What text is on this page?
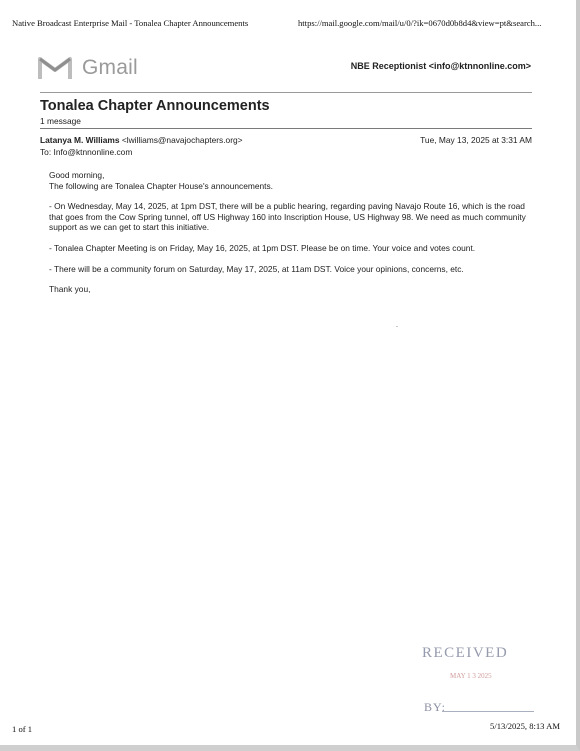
Native Broadcast Enterprise Mail - Tonalea Chapter Announcements	https://mail.google.com/mail/u/0/?ik=0670d0b8d4&view=pt&search...
Gmail	NBE Receptionist <info@ktnnonline.com>
Tonalea Chapter Announcements
1 message
Latanya M. Williams <lwilliams@navajochapters.org>	Tue, May 13, 2025 at 3:31 AM
To: Info@ktnnonline.com

Good morning,

The following are Tonalea Chapter House's announcements.

- On Wednesday, May 14, 2025, at 1pm DST, there will be a public hearing, regarding paving Navajo Route 16, which is the road that goes from the Cow Spring tunnel, off US Highway 160 into Inscription House, US Highway 98. We need as much community support as we can get to start this initiative.

- Tonalea Chapter Meeting is on Friday, May 16, 2025, at 1pm DST. Please be on time. Your voice and votes count.

- There will be a community forum on Saturday, May 17, 2025, at 11am DST. Voice your opinions, concerns, etc.

Thank you,

RECEIVED
MAY 1 3 2025
BY:
1 of 1	5/13/2025, 8:13 AM
